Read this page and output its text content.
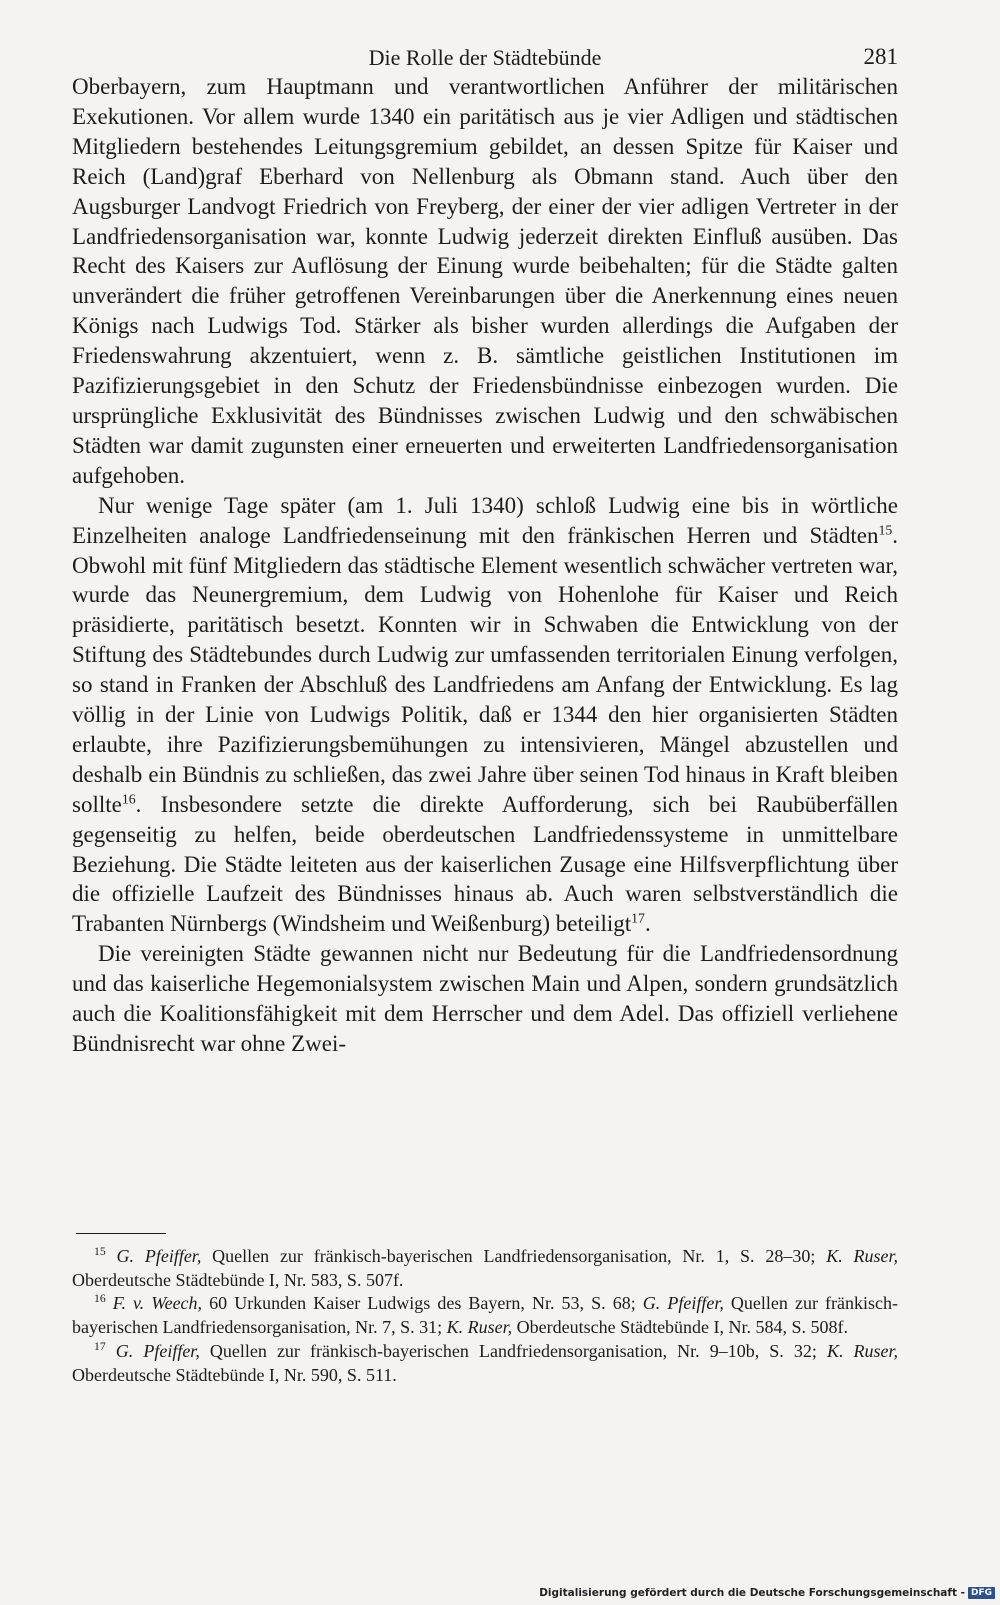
Die Rolle der Städtebünde	281

Oberbayern, zum Hauptmann und verantwortlichen Anführer der militärischen Exekutionen. Vor allem wurde 1340 ein paritätisch aus je vier Adligen und städtischen Mitgliedern bestehendes Leitungsgremium gebildet, an dessen Spitze für Kaiser und Reich (Land)graf Eberhard von Nellenburg als Obmann stand. Auch über den Augsburger Landvogt Friedrich von Freyberg, der einer der vier adligen Vertreter in der Landfriedensorganisation war, konnte Ludwig jederzeit direkten Einfluß ausüben. Das Recht des Kaisers zur Auflösung der Einung wurde beibehalten; für die Städte galten unverändert die früher getroffenen Vereinbarungen über die Anerkennung eines neuen Königs nach Ludwigs Tod. Stärker als bisher wurden allerdings die Aufgaben der Friedenswahrung akzentuiert, wenn z. B. sämtliche geistlichen Institutionen im Pazifizierungsgebiet in den Schutz der Friedensbündnisse einbezogen wurden. Die ursprüngliche Exklusivität des Bündnisses zwischen Ludwig und den schwäbischen Städten war damit zugunsten einer erneuerten und erweiterten Landfriedensorganisation aufgehoben.

Nur wenige Tage später (am 1. Juli 1340) schloß Ludwig eine bis in wörtliche Einzelheiten analoge Landfriedenseinung mit den fränkischen Herren und Städten$^{15}$. Obwohl mit fünf Mitgliedern das städtische Element wesentlich schwächer vertreten war, wurde das Neunergremium, dem Ludwig von Hohenlohe für Kaiser und Reich präsidierte, paritätisch besetzt. Konnten wir in Schwaben die Entwicklung von der Stiftung des Städtebundes durch Ludwig zur umfassenden territorialen Einung verfolgen, so stand in Franken der Abschluß des Landfriedens am Anfang der Entwicklung. Es lag völlig in der Linie von Ludwigs Politik, daß er 1344 den hier organisierten Städten erlaubte, ihre Pazifizierungsbemühungen zu intensivieren, Mängel abzustellen und deshalb ein Bündnis zu schließen, das zwei Jahre über seinen Tod hinaus in Kraft bleiben sollte$^{16}$. Insbesondere setzte die direkte Aufforderung, sich bei Raubüberfällen gegenseitig zu helfen, beide oberdeutschen Landfriedenssysteme in unmittelbare Beziehung. Die Städte leiteten aus der kaiserlichen Zusage eine Hilfsverpflichtung über die offizielle Laufzeit des Bündnisses hinaus ab. Auch waren selbstverständlich die Trabanten Nürnbergs (Windsheim und Weißenburg) beteiligt$^{17}$.

Die vereinigten Städte gewannen nicht nur Bedeutung für die Landfriedensordnung und das kaiserliche Hegemonialsystem zwischen Main und Alpen, sondern grundsätzlich auch die Koalitionsfähigkeit mit dem Herrscher und dem Adel. Das offiziell verliehene Bündnisrecht war ohne Zwei-

$^{15}$ G. Pfeiffer, Quellen zur fränkisch-bayerischen Landfriedensorganisation, Nr. 1, S. 28–30; K. Ruser, Oberdeutsche Städtebünde I, Nr. 583, S. 507f.

$^{16}$ F. v. Weech, 60 Urkunden Kaiser Ludwigs des Bayern, Nr. 53, S. 68; G. Pfeiffer, Quellen zur fränkisch-bayerischen Landfriedensorganisation, Nr. 7, S. 31; K. Ruser, Oberdeutsche Städtebünde I, Nr. 584, S. 508f.

$^{17}$ G. Pfeiffer, Quellen zur fränkisch-bayerischen Landfriedensorganisation, Nr. 9–10b, S. 32; K. Ruser, Oberdeutsche Städtebünde I, Nr. 590, S. 511.

Digitalisierung gefördert durch die Deutsche Forschungsgemeinschaft - DFG
